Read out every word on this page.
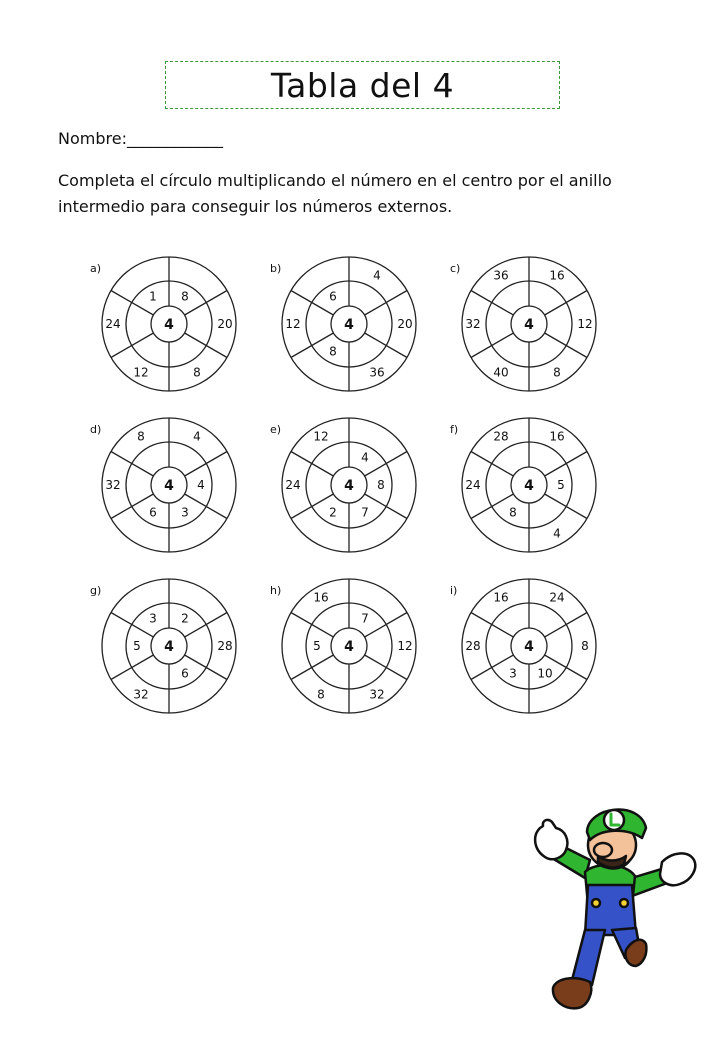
Tabla del 4
Nombre:____________

Completa el círculo multiplicando el número en el centro por el anillo intermedio para conseguir los números externos.

a)
4
8
20
8
12
24
1
b)
4
4
20
36
8
12
6
c)
4
16
12
8
40
32
36
d)
4
4
4
3
6
32
8
e)
4
4
8
7
2
24
12
f)
4
16
5
4
8
24
28
g)
4
2
28
6
32
5
3
h)
4
7
12
32
8
5
16
i)
4
24
8
10
3
28
16
